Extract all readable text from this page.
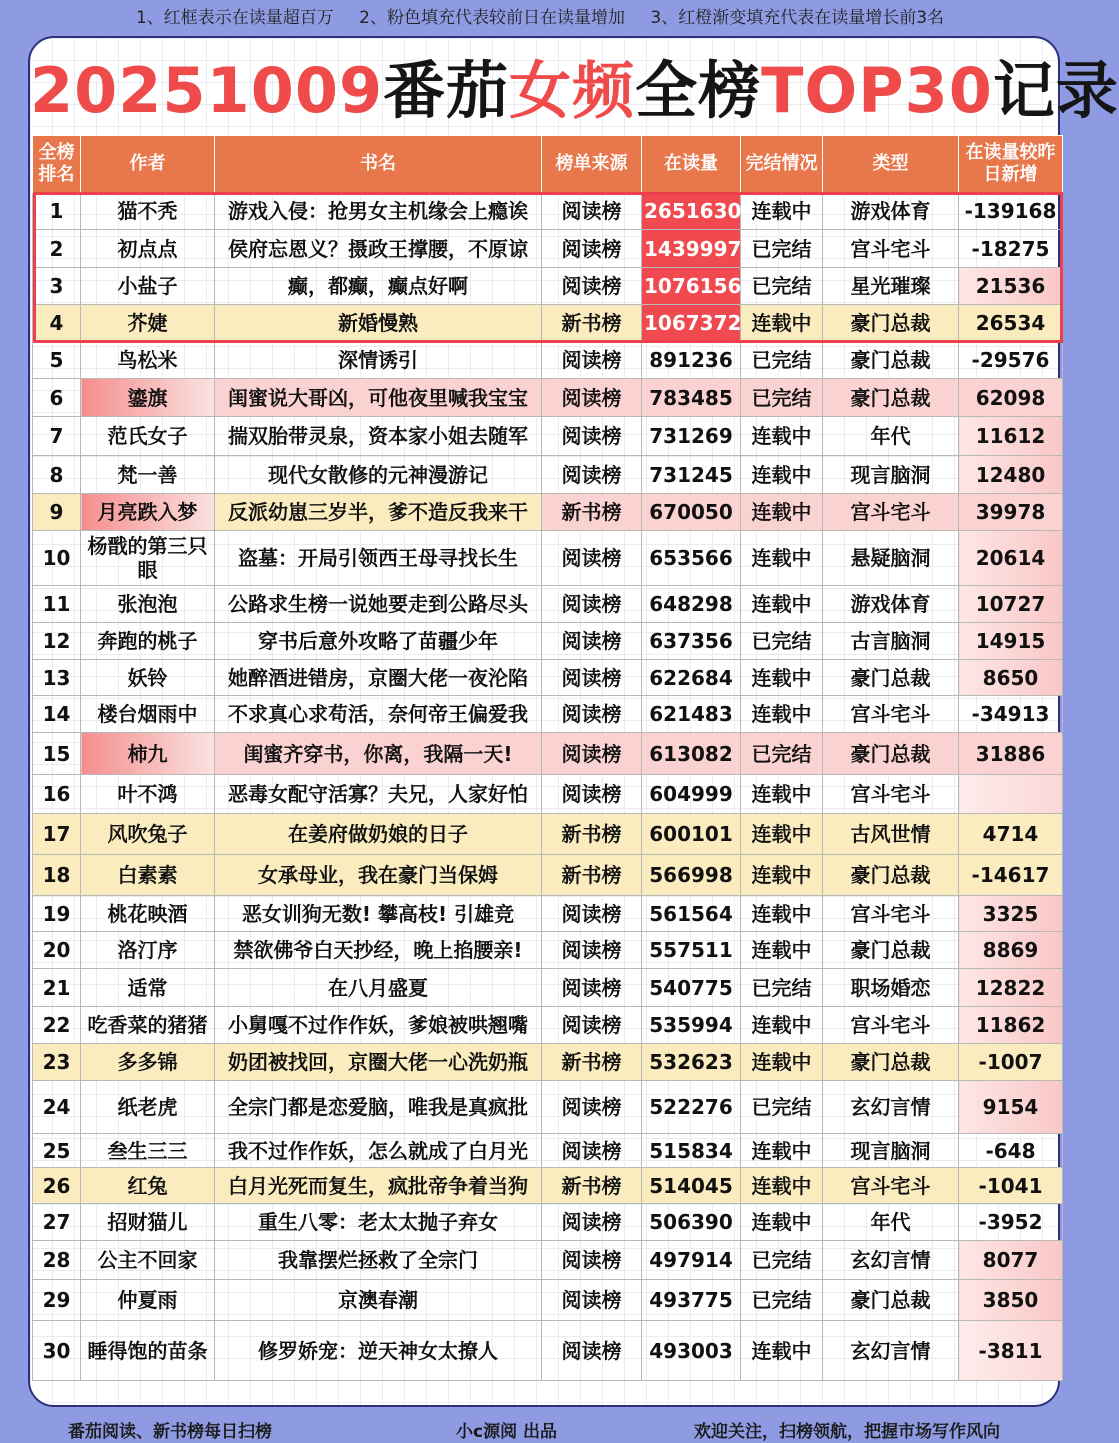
1、红框表示在读量超百万 2、粉色填充代表较前日在读量增加 3、红橙渐变填充代表在读量增长前3名
20251009番茄女频全榜TOP30记录
全榜排名	作者	书名	榜单来源	在读量	完结情况	类型	在读量较昨日新增
1	猫不秃	游戏入侵：抢男女主机缘会上瘾诶	阅读榜	2651630	连载中	游戏体育	-139168
2	初点点	侯府忘恩义？摄政王撑腰，不原谅	阅读榜	1439997	已完结	宫斗宅斗	-18275
3	小盐子	癫，都癫，癫点好啊	阅读榜	1076156	已完结	星光璀璨	21536
4	芥婕	新婚慢熟	新书榜	1067372	连载中	豪门总裁	26534
5	鸟松米	深情诱引	阅读榜	891236	已完结	豪门总裁	-29576
6	鎏旗	闺蜜说大哥凶，可他夜里喊我宝宝	阅读榜	783485	已完结	豪门总裁	62098
7	范氏女子	揣双胎带灵泉，资本家小姐去随军	阅读榜	731269	连载中	年代	11612
8	梵一善	现代女散修的元神漫游记	阅读榜	731245	连载中	现言脑洞	12480
9	月亮跌入梦	反派幼崽三岁半，爹不造反我来干	新书榜	670050	连载中	宫斗宅斗	39978
10	杨戬的第三只眼	盗墓：开局引领西王母寻找长生	阅读榜	653566	连载中	悬疑脑洞	20614
11	张泡泡	公路求生榜一说她要走到公路尽头	阅读榜	648298	连载中	游戏体育	10727
12	奔跑的桃子	穿书后意外攻略了苗疆少年	阅读榜	637356	已完结	古言脑洞	14915
13	妖铃	她醉酒进错房，京圈大佬一夜沦陷	阅读榜	622684	连载中	豪门总裁	8650
14	楼台烟雨中	不求真心求苟活，奈何帝王偏爱我	阅读榜	621483	连载中	宫斗宅斗	-34913
15	柿九	闺蜜齐穿书，你离，我隔一天!	阅读榜	613082	已完结	豪门总裁	31886
16	叶不鸿	恶毒女配守活寡？夫兄，人家好怕	阅读榜	604999	连载中	宫斗宅斗	
17	风吹兔子	在姜府做奶娘的日子	新书榜	600101	连载中	古风世情	4714
18	白素素	女承母业，我在豪门当保姆	新书榜	566998	连载中	豪门总裁	-14617
19	桃花映酒	恶女训狗无数! 攀高枝! 引雄竞	阅读榜	561564	连载中	宫斗宅斗	3325
20	洛汀序	禁欲佛爷白天抄经，晚上掐腰亲!	阅读榜	557511	连载中	豪门总裁	8869
21	适常	在八月盛夏	阅读榜	540775	已完结	职场婚恋	12822
22	吃香菜的猪猪	小舅嘎不过作作妖，爹娘被哄翘嘴	阅读榜	535994	连载中	宫斗宅斗	11862
23	多多锦	奶团被找回，京圈大佬一心洗奶瓶	新书榜	532623	连载中	豪门总裁	-1007
24	纸老虎	全宗门都是恋爱脑，唯我是真疯批	阅读榜	522276	已完结	玄幻言情	9154
25	叁生三三	我不过作作妖，怎么就成了白月光	阅读榜	515834	连载中	现言脑洞	-648
26	红兔	白月光死而复生，疯批帝争着当狗	新书榜	514045	连载中	宫斗宅斗	-1041
27	招财猫儿	重生八零：老太太抛子弃女	阅读榜	506390	连载中	年代	-3952
28	公主不回家	我靠摆烂拯救了全宗门	阅读榜	497914	已完结	玄幻言情	8077
29	仲夏雨	京澳春潮	阅读榜	493775	已完结	豪门总裁	3850
30	睡得饱的苗条	修罗娇宠：逆天神女太撩人	阅读榜	493003	连载中	玄幻言情	-3811
番茄阅读、新书榜每日扫榜	小c源阅 出品	欢迎关注，扫榜领航，把握市场写作风向
